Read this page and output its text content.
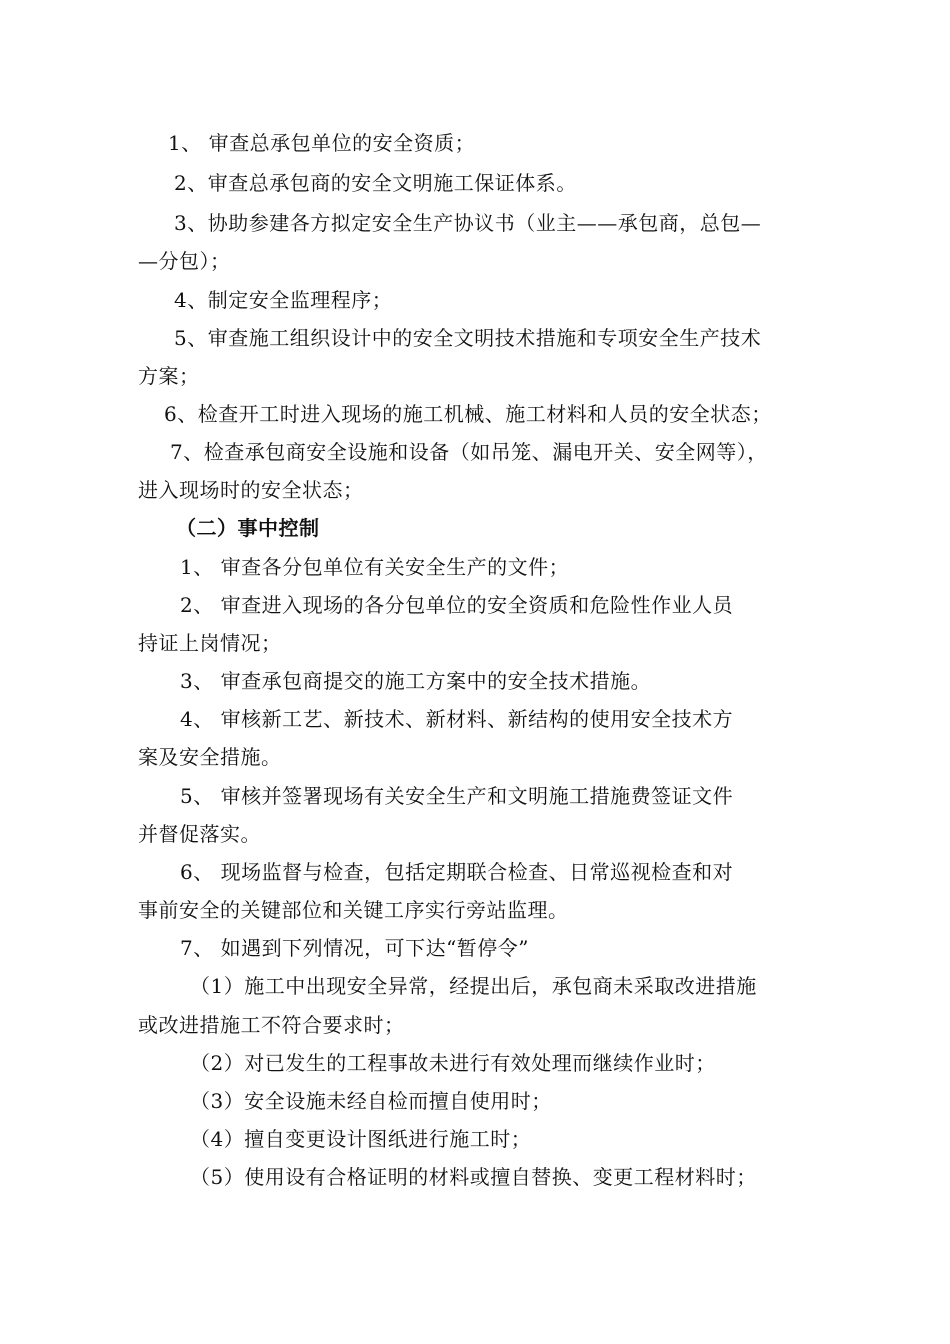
1、 审查总承包单位的安全资质；
2、审查总承包商的安全文明施工保证体系。
3、协助参建各方拟定安全生产协议书（业主——承包商，总包—
—分包）；
4、制定安全监理程序；
5、审查施工组织设计中的安全文明技术措施和专项安全生产技术
方案；
6、检查开工时进入现场的施工机械、施工材料和人员的安全状态；
7、检查承包商安全设施和设备（如吊笼、漏电开关、安全网等），
进入现场时的安全状态；
（二）事中控制
1、 审查各分包单位有关安全生产的文件；
2、 审查进入现场的各分包单位的安全资质和危险性作业人员
持证上岗情况；
3、 审查承包商提交的施工方案中的安全技术措施。
4、 审核新工艺、新技术、新材料、新结构的使用安全技术方
案及安全措施。
5、 审核并签署现场有关安全生产和文明施工措施费签证文件
并督促落实。
6、 现场监督与检查，包括定期联合检查、日常巡视检查和对
事前安全的关键部位和关键工序实行旁站监理。
7、 如遇到下列情况，可下达“暂停令”
（1）施工中出现安全异常，经提出后，承包商未采取改进措施
或改进措施工不符合要求时；
（2）对已发生的工程事故未进行有效处理而继续作业时；
（3）安全设施未经自检而擅自使用时；
（4）擅自变更设计图纸进行施工时；
（5）使用设有合格证明的材料或擅自替换、变更工程材料时；
